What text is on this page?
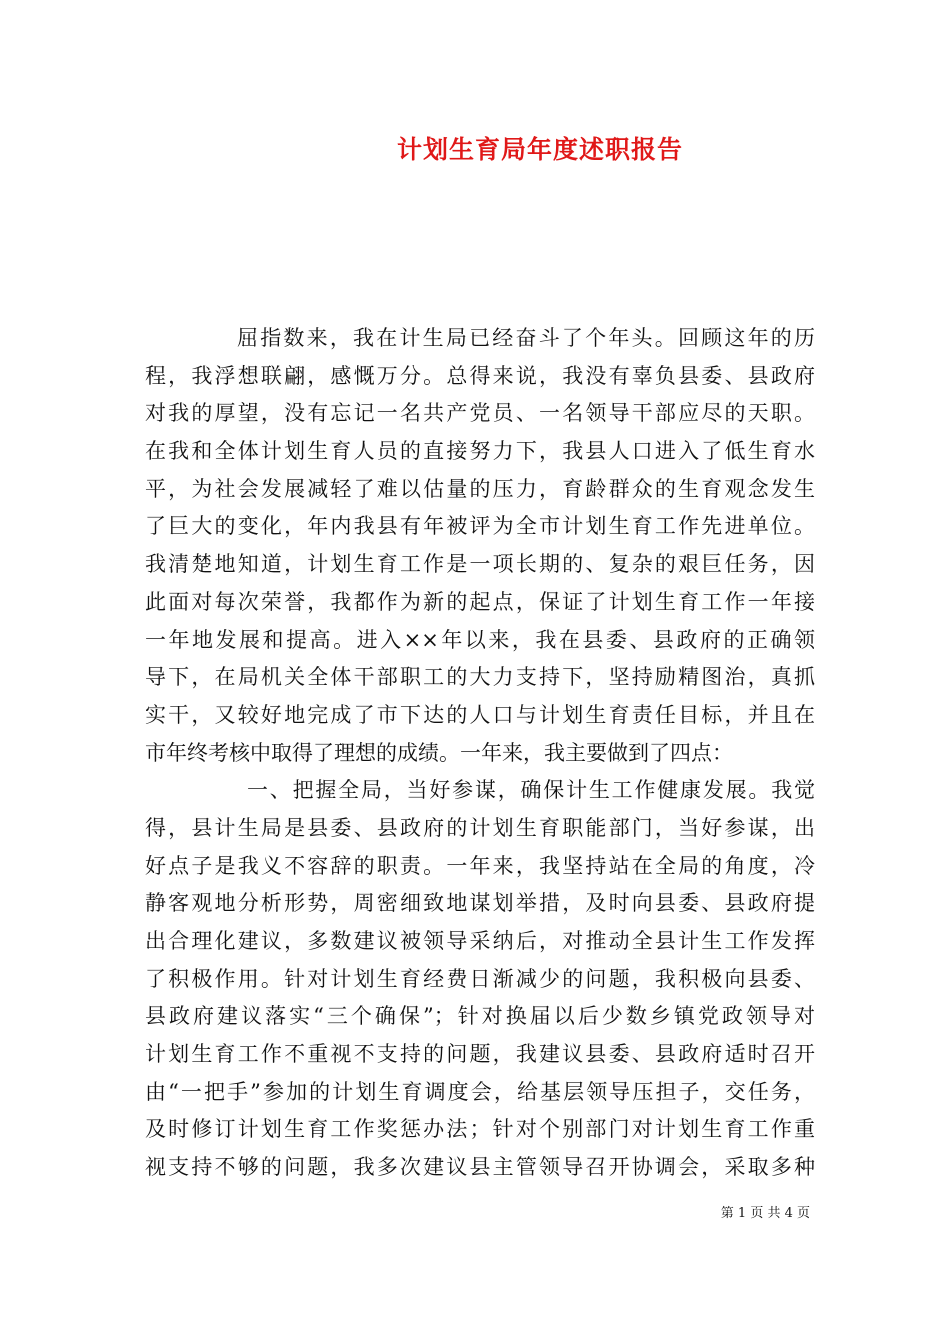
计划生育局年度述职报告
屈指数来，我在计生局已经奋斗了个年头。回顾这年的历
程，我浮想联翩，感慨万分。总得来说，我没有辜负县委、县政府
对我的厚望，没有忘记一名共产党员、一名领导干部应尽的天职。
在我和全体计划生育人员的直接努力下，我县人口进入了低生育水
平，为社会发展减轻了难以估量的压力，育龄群众的生育观念发生
了巨大的变化，年内我县有年被评为全市计划生育工作先进单位。
我清楚地知道，计划生育工作是一项长期的、复杂的艰巨任务，因
此面对每次荣誉，我都作为新的起点，保证了计划生育工作一年接
一年地发展和提高。进入××年以来，我在县委、县政府的正确领
导下，在局机关全体干部职工的大力支持下，坚持励精图治，真抓
实干，又较好地完成了市下达的人口与计划生育责任目标，并且在
市年终考核中取得了理想的成绩。一年来，我主要做到了四点：
一、把握全局，当好参谋，确保计生工作健康发展。我觉
得，县计生局是县委、县政府的计划生育职能部门，当好参谋，出
好点子是我义不容辞的职责。一年来，我坚持站在全局的角度，冷
静客观地分析形势，周密细致地谋划举措，及时向县委、县政府提
出合理化建议，多数建议被领导采纳后，对推动全县计生工作发挥
了积极作用。针对计划生育经费日渐减少的问题，我积极向县委、
县政府建议落实“三个确保”；针对换届以后少数乡镇党政领导对
计划生育工作不重视不支持的问题，我建议县委、县政府适时召开
由“一把手”参加的计划生育调度会，给基层领导压担子，交任务，
及时修订计划生育工作奖惩办法；针对个别部门对计划生育工作重
视支持不够的问题，我多次建议县主管领导召开协调会，采取多种
第 1 页 共 4 页
